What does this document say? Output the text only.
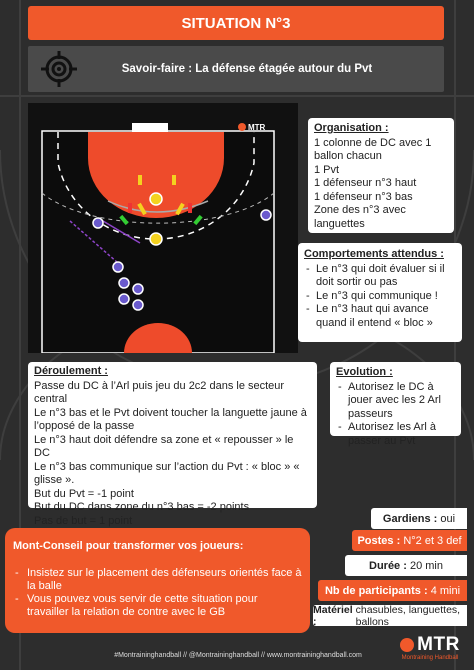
SITUATION N°3
Savoir-faire : La défense étagée autour du Pvt
MTR	Organisation :
1 colonne de DC avec 1 ballon chacun
1 Pvt
1 défenseur n°3 haut
1 défenseur n°3 bas
Zone des n°3 avec languettes
Comportements attendus :
- Le n°3 qui doit évaluer si il doit sortir ou pas
- Le n°3 qui communique !
- Le n°3 haut qui avance quand il entend « bloc »
Déroulement :
Passe du DC à l’Arl puis jeu du 2c2 dans le secteur central
Le n°3 bas et le Pvt doivent toucher la languette jaune à l’opposé de la passe
Le n°3 haut doit défendre sa zone et « repousser » le DC
Le n°3 bas communique sur l’action du Pvt : « bloc » « glisse ».
But du Pvt = -1 point
But du DC dans zone du n°3 bas = -2 points
Pas de but = 1 point
Evolution :
- Autorisez le DC à jouer avec les 2 Arl passeurs
- Autorisez les Arl à passer au Pvt
Mont-Conseil pour transformer vos joueurs:
- Insistez sur le placement des défenseurs orientés face à la balle
- Vous pouvez vous servir de cette situation pour travailler la relation de contre avec le GB
Gardiens :
oui
Postes :
N°2 et 3 def
Durée :
20 min
Nb de participants :
4 mini
Matériel :

chasubles, languettes, ballons
#Montraininghandball // @Montraininghandball // www.montraininghandball.com
MTR
Montraining Handball
